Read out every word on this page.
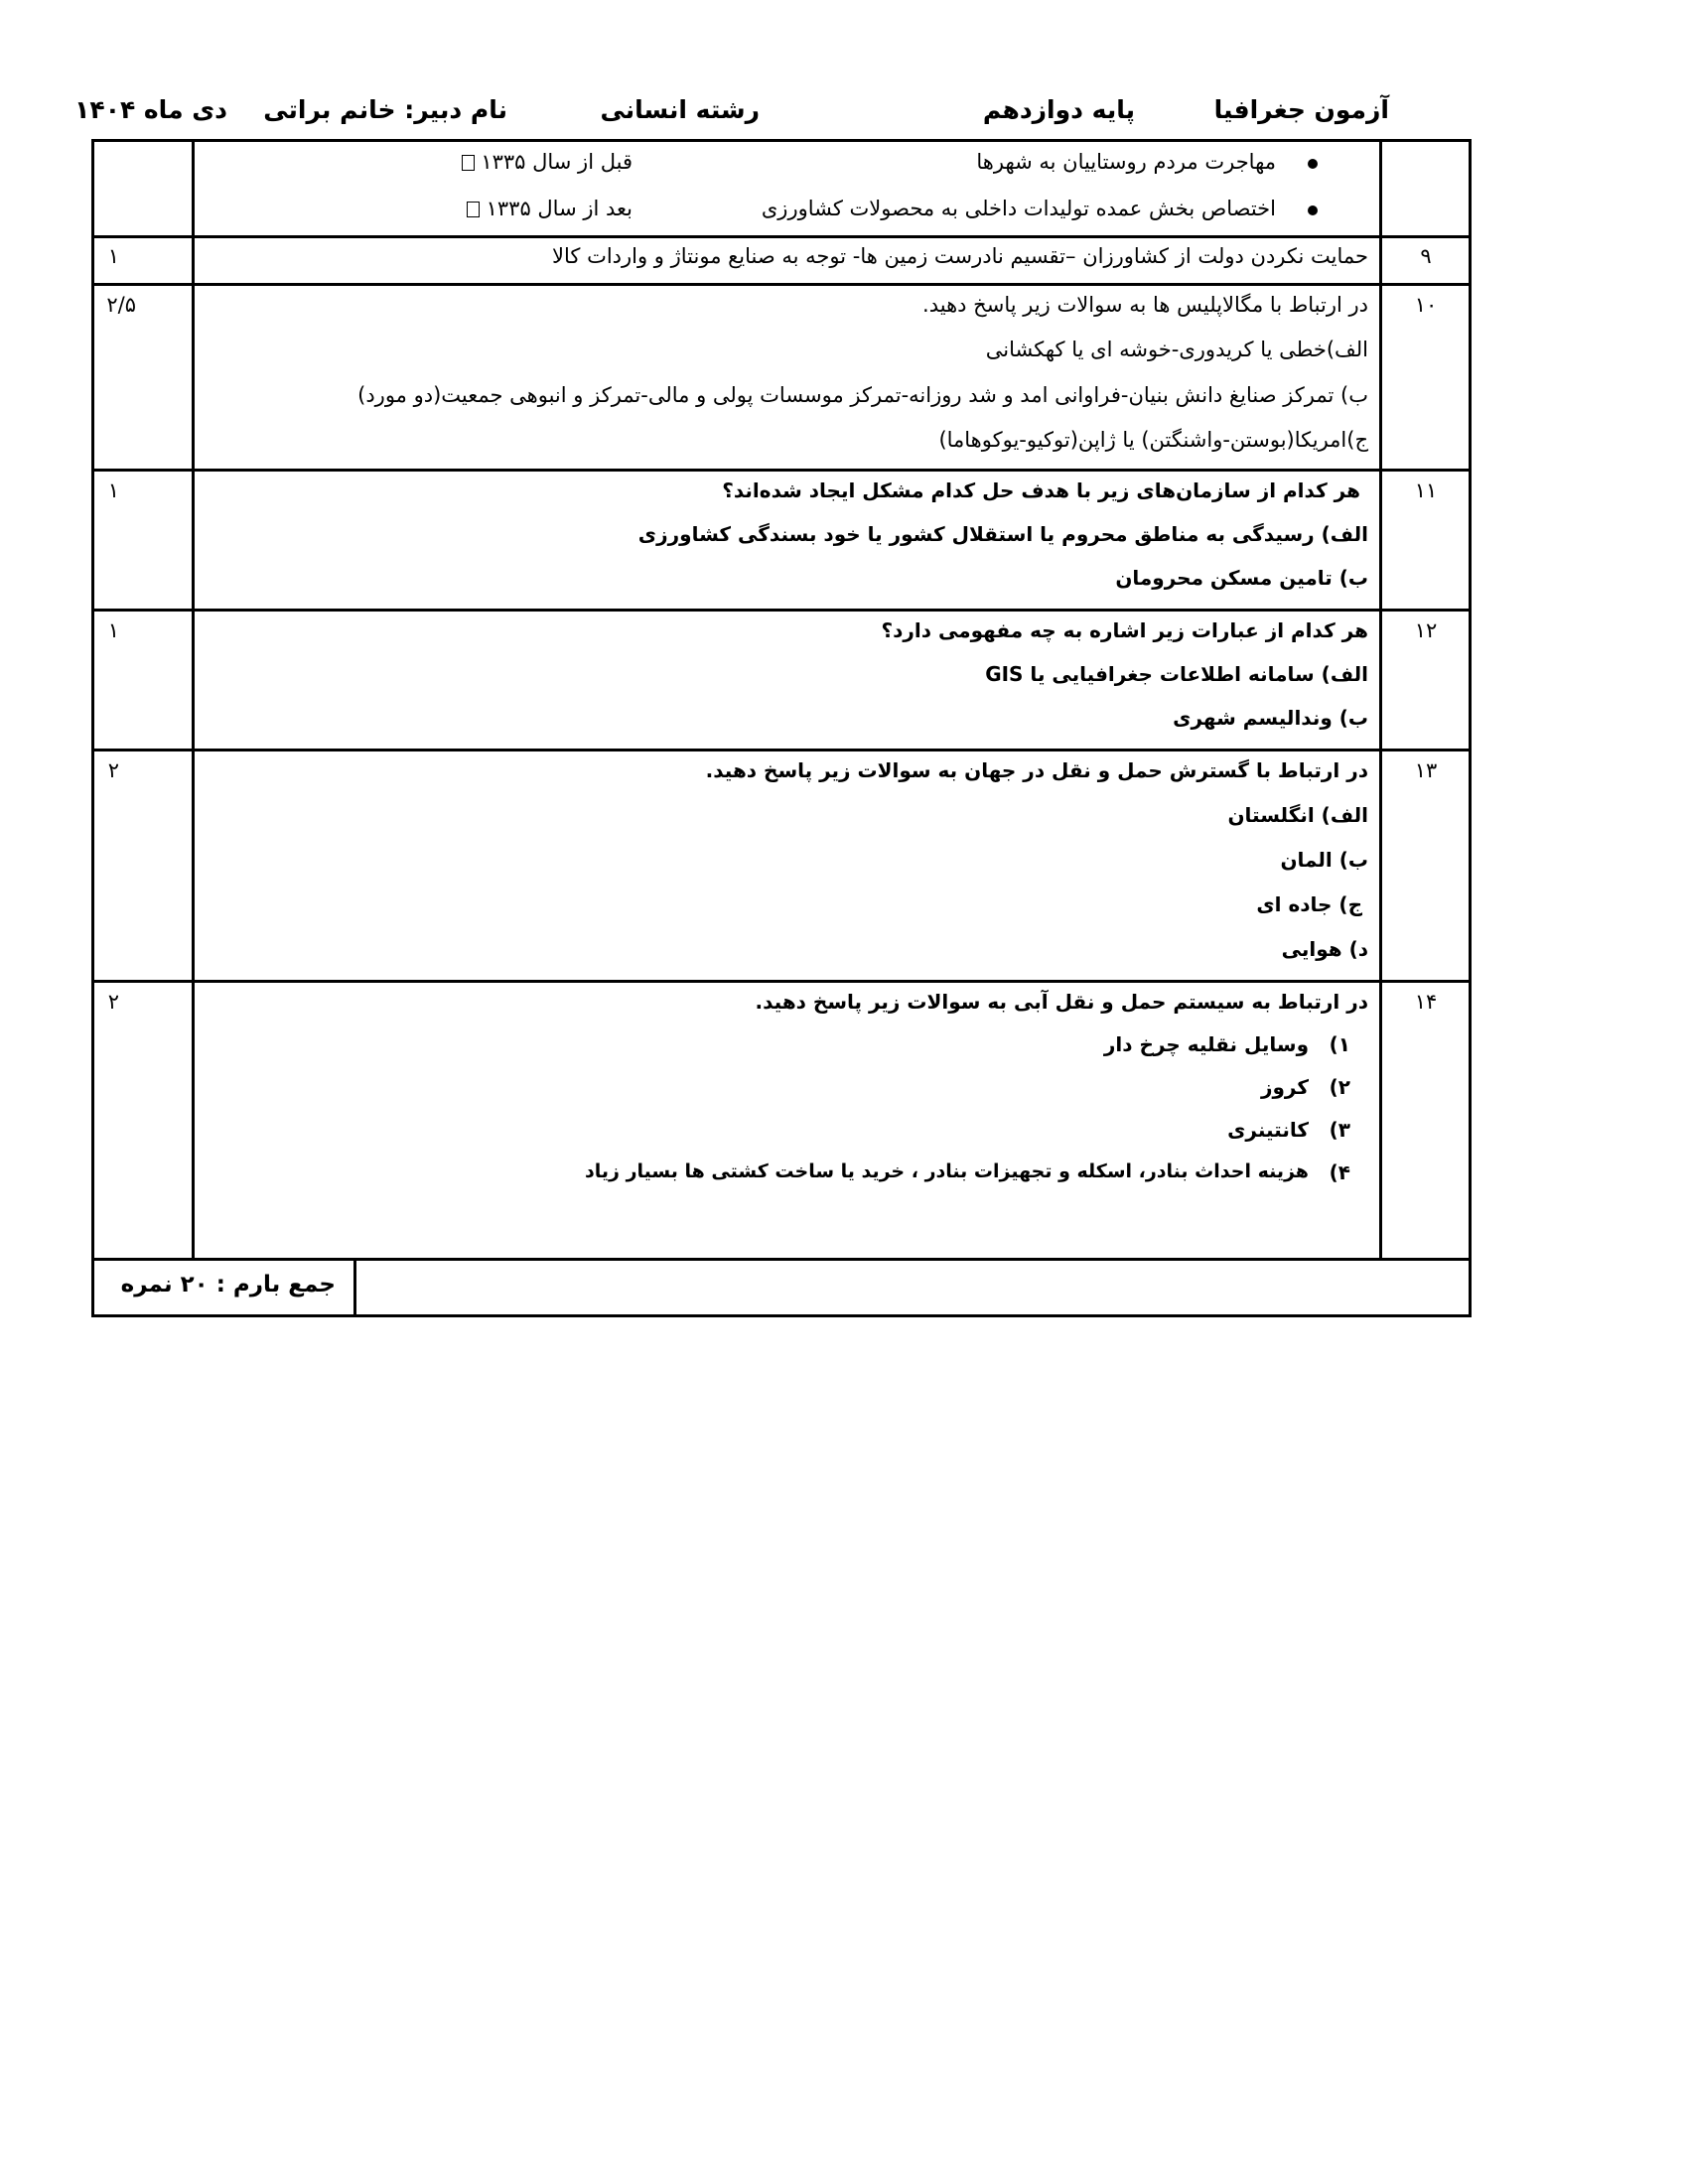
آزمون جغرافیا
پایه دوازدهم
رشته انسانی
نام دبیر: خانم براتی
دی ماه ۱۴۰۴
مهاجرت مردم روستاییان به شهرها
اختصاص بخش عمده تولیدات داخلی به محصولات کشاورزی
قبل از سال ۱۳۳۵
بعد از سال ۱۳۳۵
۹
حمایت نکردن دولت از کشاورزان –تقسیم نادرست زمین ها- توجه به صنایع مونتاژ و واردات کالا
۱
۱۰
در ارتباط با مگالاپلیس ها به سوالات زیر پاسخ دهید.
الف)خطی یا کریدوری-خوشه ای یا کهکشانی
ب) تمرکز صنایغ دانش بنیان-فراوانی امد و شد روزانه-تمرکز موسسات پولی و مالی-تمرکز و انبوهی جمعیت(دو مورد)
ج)امریکا(بوستن-واشنگتن) یا ژاپن(توکیو-یوکوهاما)
۲/۵
۱۱
هر کدام از سازمان‌های زیر با هدف حل کدام مشکل ایجاد شده‌اند؟
الف) رسیدگی به مناطق محروم یا استقلال کشور یا خود بسندگی کشاورزی
ب) تامین مسکن محرومان
۱
۱۲
هر کدام از عبارات زیر اشاره به چه مفهومی دارد؟
الف) سامانه اطلاعات جغرافیایی یا GIS
ب) وندالیسم شهری
۱
۱۳
در ارتباط با گسترش حمل و نقل در جهان به سوالات زیر پاسخ دهید.
الف) انگلستان
ب) المان
ج) جاده ای
د) هوایی
۲
۱۴
در ارتباط به سیستم حمل و نقل آبی به سوالات زیر پاسخ دهید.
۱)
وسایل نقلیه چرخ دار
۲)
کروز
۳)
کانتینری
۴)
هزینه احداث بنادر، اسکله و تجهیزات بنادر ، خرید یا ساخت کشتی ها بسیار زیاد
۲
جمع بارم : ۲۰ نمره
